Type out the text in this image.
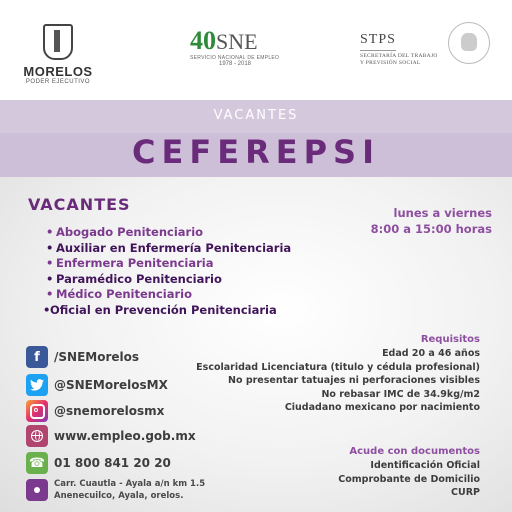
MORELOS
PODER EJECUTIVO
40SNE
SERVICIO NACIONAL DE EMPLEO
1978 - 2018
STPS
SECRETARÍA DEL TRABAJO
Y PREVISIÓN SOCIAL
VACANTES
CEFEREPSI
VACANTES
• Abogado Penitenciario
• Auxiliar en Enfermería Penitenciaria
• Enfermera Penitenciaria
• Paramédico Penitenciario
• Médico Penitenciario
•Oficial en Prevención Penitenciaria
lunes a viernes
8:00 a 15:00 horas
Requisitos
Edad 20 a 46 años
Escolaridad Licenciatura (titulo y cédula profesional)
No presentar tatuajes ni perforaciones visibles
No rebasar IMC de 34.9kg/m2
Ciudadano mexicano por nacimiento
Acude con documentos
Identificación Oficial
Comprobante de Domicilio
CURP
f	/SNEMorelos
@SNEMorelosMX
@snemorelosmx
www.empleo.gob.mx
☎ 01 800 841 20 20
Carr. Cuautla - Ayala a/n km 1.5
Anenecuilco, Ayala, orelos.
